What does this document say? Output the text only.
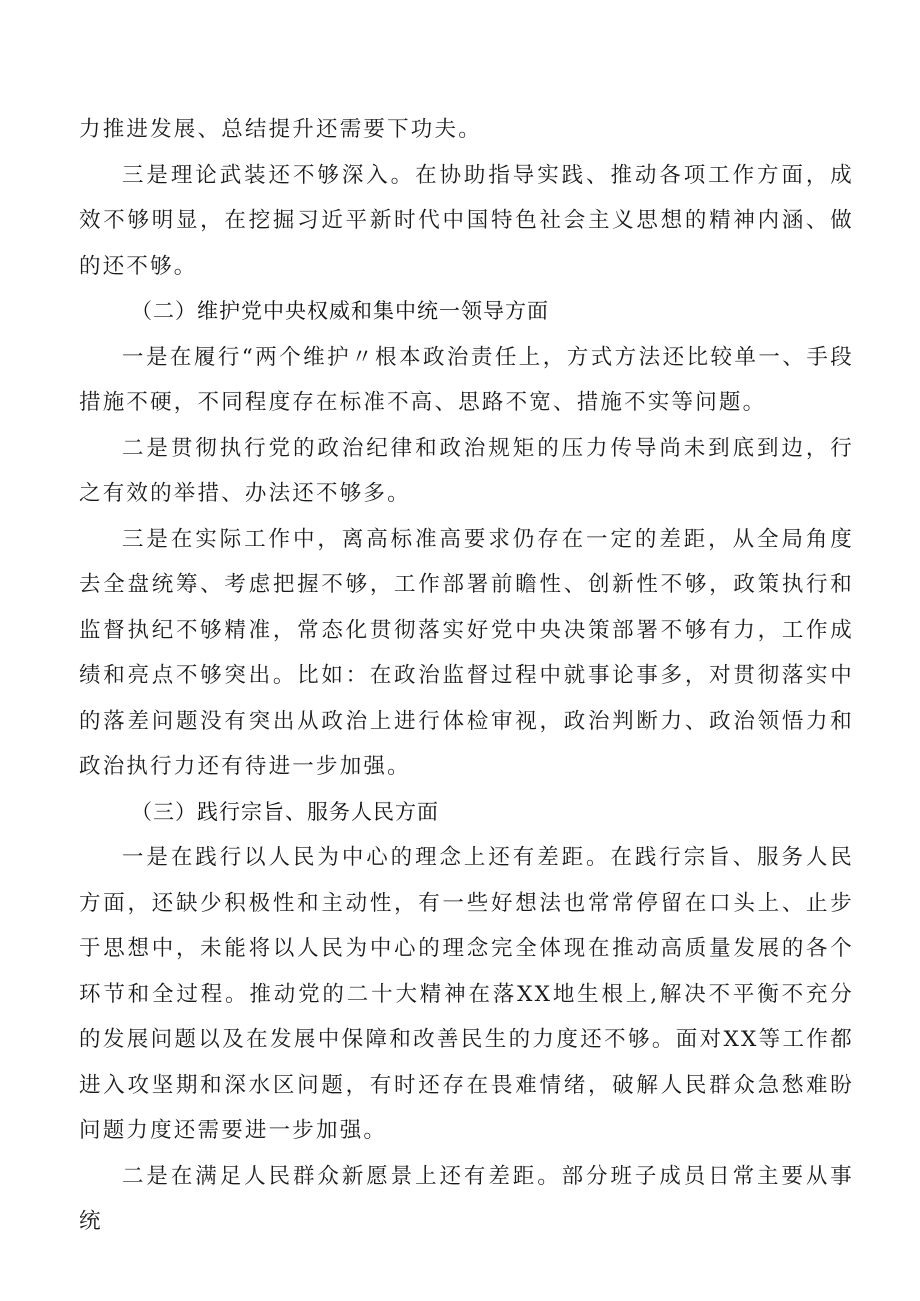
力推进发展、总结提升还需要下功夫。

三是理论武装还不够深入。在协助指导实践、推动各项工作方面，成效不够明显，在挖掘习近平新时代中国特色社会主义思想的精神内涵、做的还不够。

（二）维护党中央权威和集中统一领导方面

一是在履行“两个维护〃根本政治责任上，方式方法还比较单一、手段措施不硬，不同程度存在标准不高、思路不宽、措施不实等问题。

二是贯彻执行党的政治纪律和政治规矩的压力传导尚未到底到边，行之有效的举措、办法还不够多。

三是在实际工作中，离高标准高要求仍存在一定的差距，从全局角度去全盘统筹、考虑把握不够，工作部署前瞻性、创新性不够，政策执行和监督执纪不够精准，常态化贯彻落实好党中央决策部署不够有力，工作成绩和亮点不够突出。比如：在政治监督过程中就事论事多，对贯彻落实中的落差问题没有突出从政治上进行体检审视，政治判断力、政治领悟力和政治执行力还有待进一步加强。

（三）践行宗旨、服务人民方面

一是在践行以人民为中心的理念上还有差距。在践行宗旨、服务人民方面，还缺少积极性和主动性，有一些好想法也常常停留在口头上、止步于思想中，未能将以人民为中心的理念完全体现在推动高质量发展的各个环节和全过程。推动党的二十大精神在落XX地生根上,解决不平衡不充分的发展问题以及在发展中保障和改善民生的力度还不够。面对XX等工作都进入攻坚期和深水区问题，有时还存在畏难情绪，破解人民群众急愁难盼问题力度还需要进一步加强。

二是在满足人民群众新愿景上还有差距。部分班子成员日常主要从事统
